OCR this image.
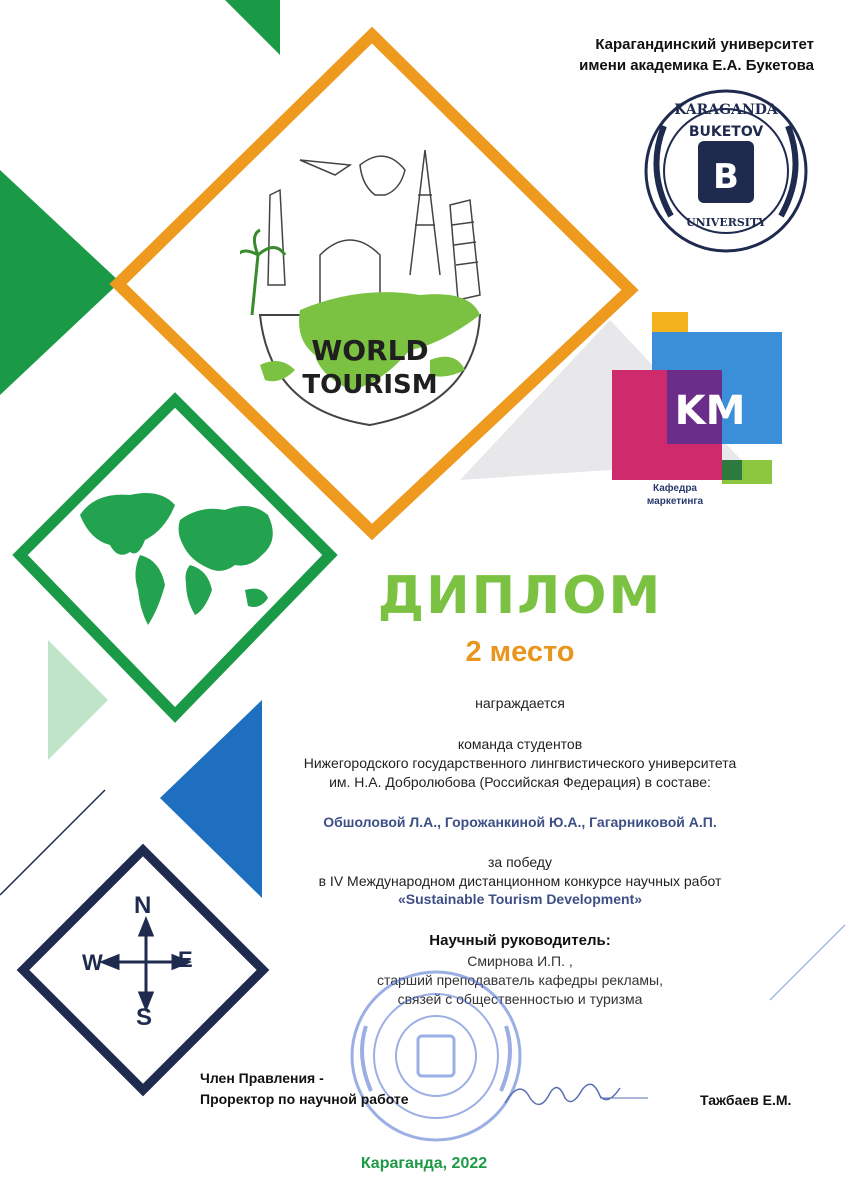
WORLD
TOURISM
Карагандинский университет
имени академика Е.А. Букетова
B
BUKETOV
KARAGANDA
UNIVERSITY
KM
Кафедра
маркетинга
N
S
E
W
ДИПЛОМ
2 место
награждается
команда студентов
Нижегородского государственного лингвистического университета
им. Н.А. Добролюбова (Российская Федерация) в составе:
Обшоловой Л.А., Горожанкиной Ю.А., Гагарниковой А.П.
за победу
в IV Международном дистанционном конкурсе научных работ
«Sustainable Tourism Development»
Научный руководитель:
Смирнова И.П. ,
старший преподаватель кафедры рекламы,
связей с общественностью и туризма
Член Правления -
Проректор по научной работе	Тажбаев Е.М.
Караганда, 2022
